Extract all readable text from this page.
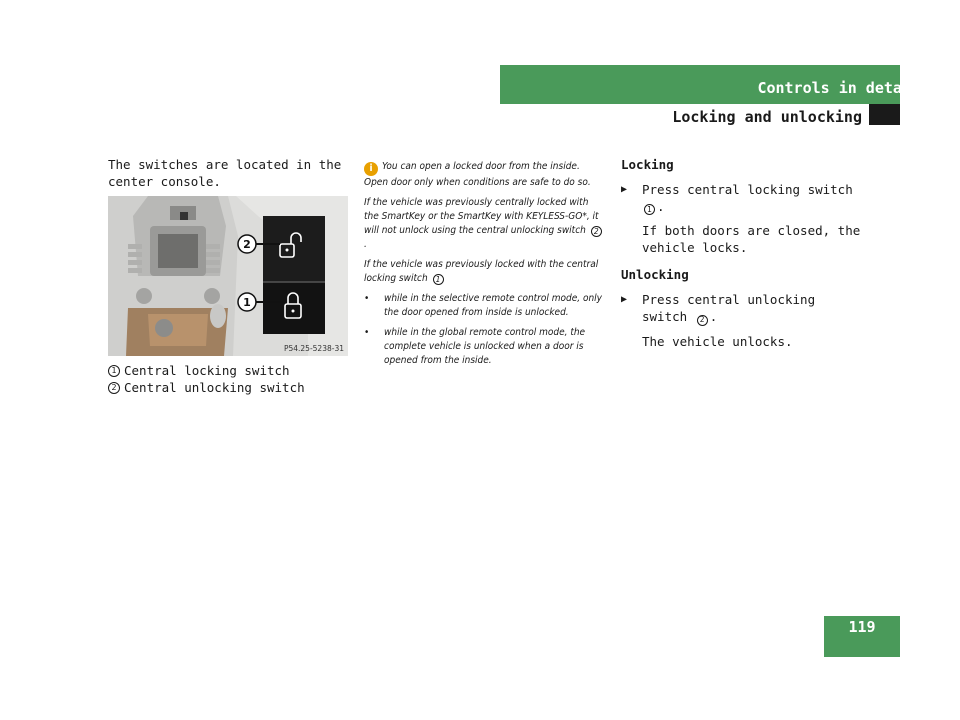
Controls in detail
Locking and unlocking
The switches are located in the center console.
2
1
P54.25-5238-31
1 Central locking switch
2 Central unlocking switch

i You can open a locked door from the inside. Open door only when conditions are safe to do so.

If the vehicle was previously centrally locked with the SmartKey or the SmartKey with KEYLESS-GO*, it will not unlock using the central unlocking switch 2.

If the vehicle was previously locked with the central locking switch 1

•	while in the selective remote control mode, only the door opened from inside is unlocked.
•	while in the global remote control mode, the complete vehicle is unlocked when a door is opened from the inside.
Locking
▶	Press central locking switch 1 .
If both doors are closed, the vehicle locks.
Unlocking
▶	Press central unlocking switch 2 .
The vehicle unlocks.
119
